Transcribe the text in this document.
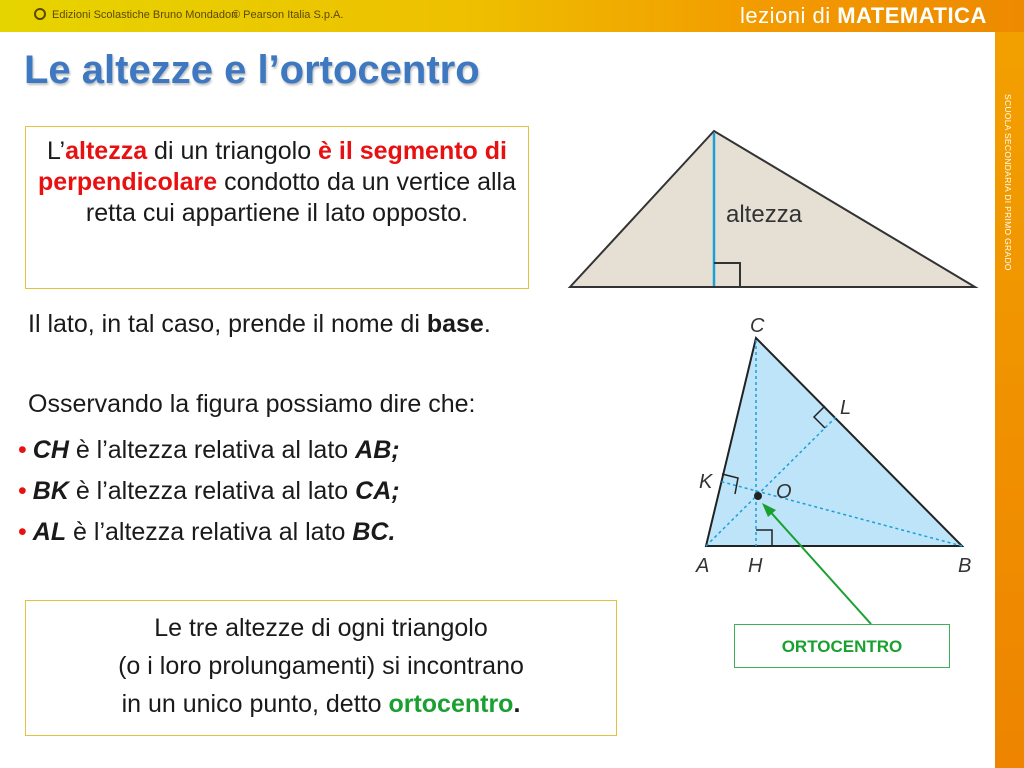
Edizioni Scolastiche Bruno Mondadori
© Pearson Italia S.p.A.	lezioni di MATEMATICA
SCUOLA SECONDARIA DI PRIMO GRADO
Le altezze e l’ortocentro
L’altezza di un triangolo è il segmento di perpendicolare condotto da un vertice alla retta cui appartiene il lato opposto.	altezza
C
L
K	O
A H	B
Il lato, in tal caso, prende il nome di base.
Osservando la figura possiamo dire che:
• CH è l’altezza relativa al lato AB;
• BK è l’altezza relativa al lato CA;
• AL è l’altezza relativa al lato BC.
Le tre altezze di ogni triangolo
(o i loro prolungamenti) si incontrano
in un unico punto, detto ortocentro.
ORTOCENTRO
